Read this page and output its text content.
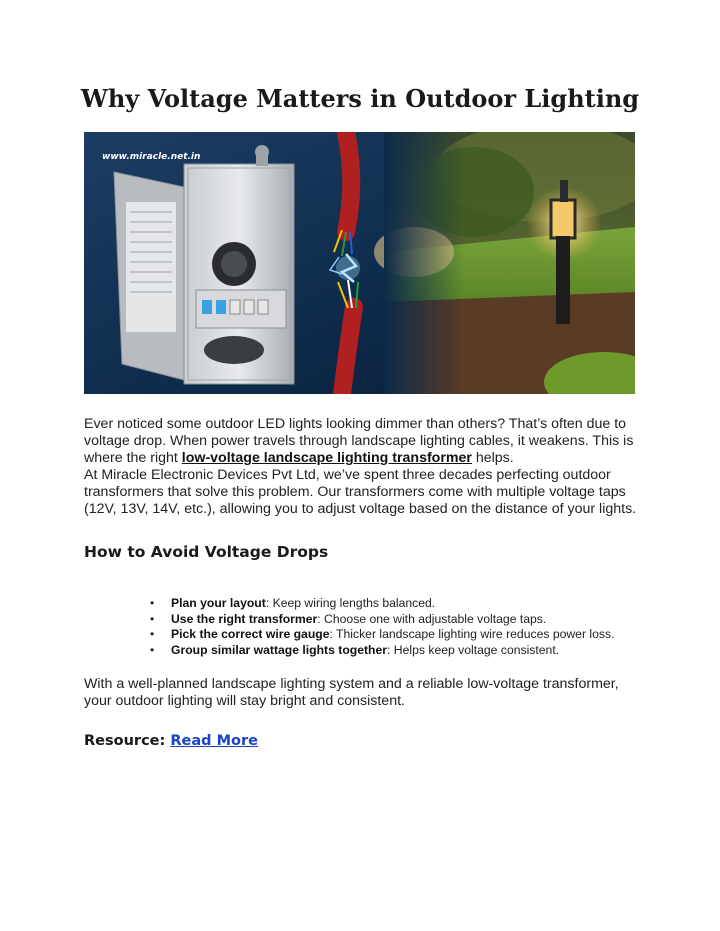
Why Voltage Matters in Outdoor Lighting
www.miracle.net.in
Ever noticed some outdoor LED lights looking dimmer than others? That’s often due to voltage drop. When power travels through landscape lighting cables, it weakens. This is where the right low-voltage landscape lighting transformer helps.
At Miracle Electronic Devices Pvt Ltd, we’ve spent three decades perfecting outdoor transformers that solve this problem. Our transformers come with multiple voltage taps (12V, 13V, 14V, etc.), allowing you to adjust voltage based on the distance of your lights.
How to Avoid Voltage Drops
• Plan your layout: Keep wiring lengths balanced.
• Use the right transformer: Choose one with adjustable voltage taps.
• Pick the correct wire gauge: Thicker landscape lighting wire reduces power loss.
• Group similar wattage lights together: Helps keep voltage consistent.

With a well-planned landscape lighting system and a reliable low-voltage transformer, your outdoor lighting will stay bright and consistent.

Resource: Read More
